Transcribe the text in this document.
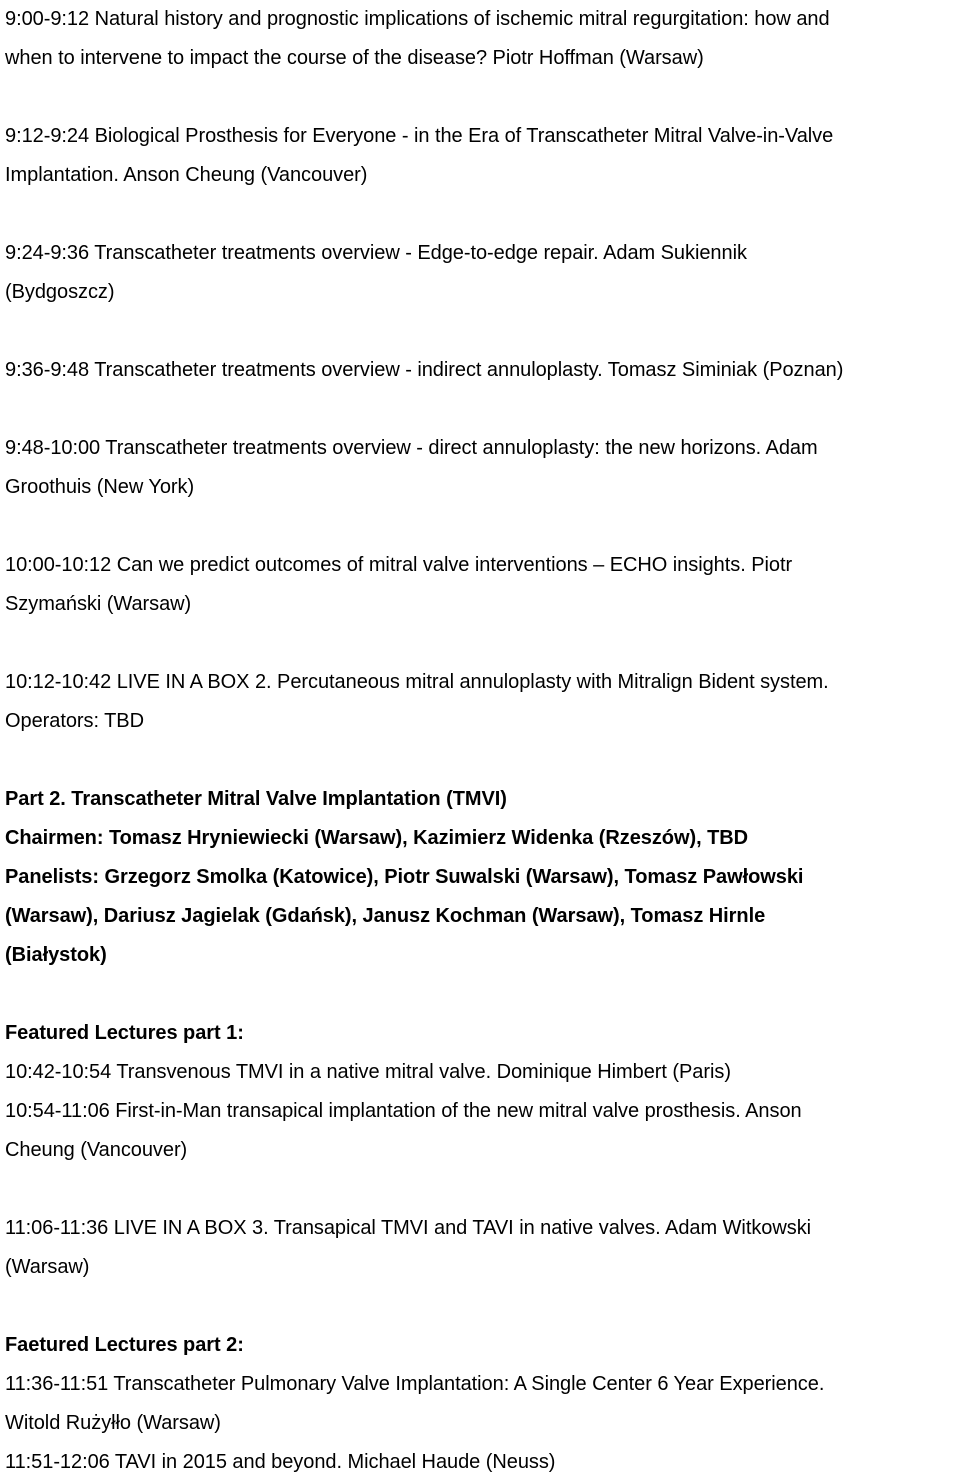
9:00-9:12 Natural history and prognostic implications of ischemic mitral regurgitation: how and
when to intervene to impact the course of the disease? Piotr Hoffman (Warsaw)
9:12-9:24 Biological Prosthesis for Everyone - in the Era of Transcatheter Mitral Valve-in-Valve
Implantation. Anson Cheung (Vancouver)
9:24-9:36 Transcatheter treatments overview - Edge-to-edge repair. Adam Sukiennik
(Bydgoszcz)
9:36-9:48 Transcatheter treatments overview - indirect annuloplasty. Tomasz Siminiak (Poznan)
9:48-10:00 Transcatheter treatments overview - direct annuloplasty: the new horizons. Adam
Groothuis (New York)
10:00-10:12 Can we predict outcomes of mitral valve interventions – ECHO insights. Piotr
Szymański (Warsaw)
10:12-10:42 LIVE IN A BOX 2. Percutaneous mitral annuloplasty with Mitralign Bident system.
Operators: TBD
Part 2. Transcatheter Mitral Valve Implantation (TMVI)
Chairmen: Tomasz Hryniewiecki (Warsaw), Kazimierz Widenka (Rzeszów), TBD
Panelists: Grzegorz Smolka (Katowice), Piotr Suwalski (Warsaw), Tomasz Pawłowski
(Warsaw), Dariusz Jagielak (Gdańsk), Janusz Kochman (Warsaw), Tomasz Hirnle
(Białystok)
Featured Lectures part 1:
10:42-10:54 Transvenous TMVI in a native mitral valve. Dominique Himbert (Paris)
10:54-11:06 First-in-Man transapical implantation of the new mitral valve prosthesis. Anson
Cheung (Vancouver)
11:06-11:36 LIVE IN A BOX 3. Transapical TMVI and TAVI in native valves. Adam Witkowski
(Warsaw)
Faetured Lectures part 2:
11:36-11:51 Transcatheter Pulmonary Valve Implantation: A Single Center 6 Year Experience.
Witold Rużyłło (Warsaw)
11:51-12:06 TAVI in 2015 and beyond. Michael Haude (Neuss)
